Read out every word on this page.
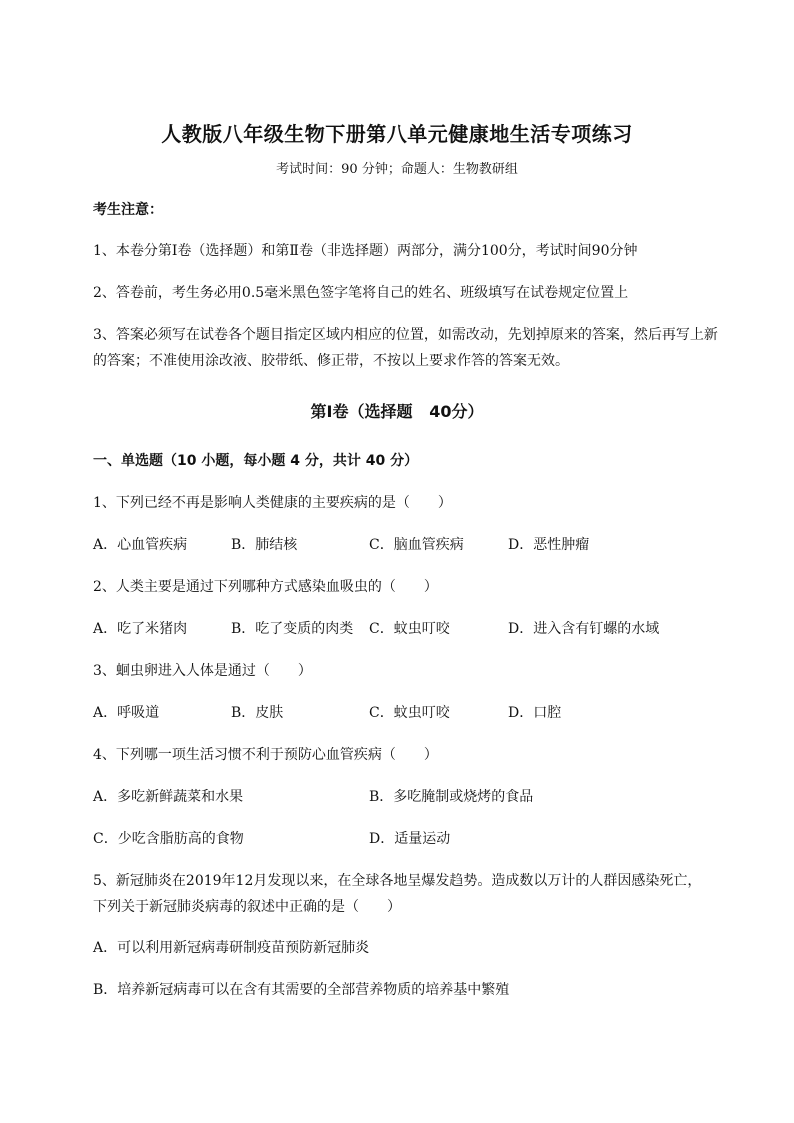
人教版八年级生物下册第八单元健康地生活专项练习
考试时间：90 分钟；命题人：生物教研组
考生注意：
1、本卷分第Ⅰ卷（选择题）和第Ⅱ卷（非选择题）两部分，满分100分，考试时间90分钟
2、答卷前，考生务必用0.5毫米黑色签字笔将自己的姓名、班级填写在试卷规定位置上
3、答案必须写在试卷各个题目指定区域内相应的位置，如需改动，先划掉原来的答案，然后再写上新
的答案；不准使用涂改液、胶带纸、修正带，不按以上要求作答的答案无效。
第Ⅰ卷（选择题   40分）
一、单选题（10 小题，每小题 4 分，共计 40 分）
1、下列已经不再是影响人类健康的主要疾病的是（　　）
A．心血管疾病	B．肺结核	C．脑血管疾病	D．恶性肿瘤
2、人类主要是通过下列哪种方式感染血吸虫的（　　）
A．吃了米猪肉	B．吃了变质的肉类 C．蚊虫叮咬	D．进入含有钉螺的水域
3、蛔虫卵进入人体是通过（　　）
A．呼吸道	B．皮肤	C．蚊虫叮咬	D．口腔
4、下列哪一项生活习惯不利于预防心血管疾病（　　）
A．多吃新鲜蔬菜和水果	B．多吃腌制或烧烤的食品
C．少吃含脂肪高的食物	D．适量运动
5、新冠肺炎在2019年12月发现以来，在全球各地呈爆发趋势。造成数以万计的人群因感染死亡，
下列关于新冠肺炎病毒的叙述中正确的是（　　）
A．可以利用新冠病毒研制疫苗预防新冠肺炎
B．培养新冠病毒可以在含有其需要的全部营养物质的培养基中繁殖
